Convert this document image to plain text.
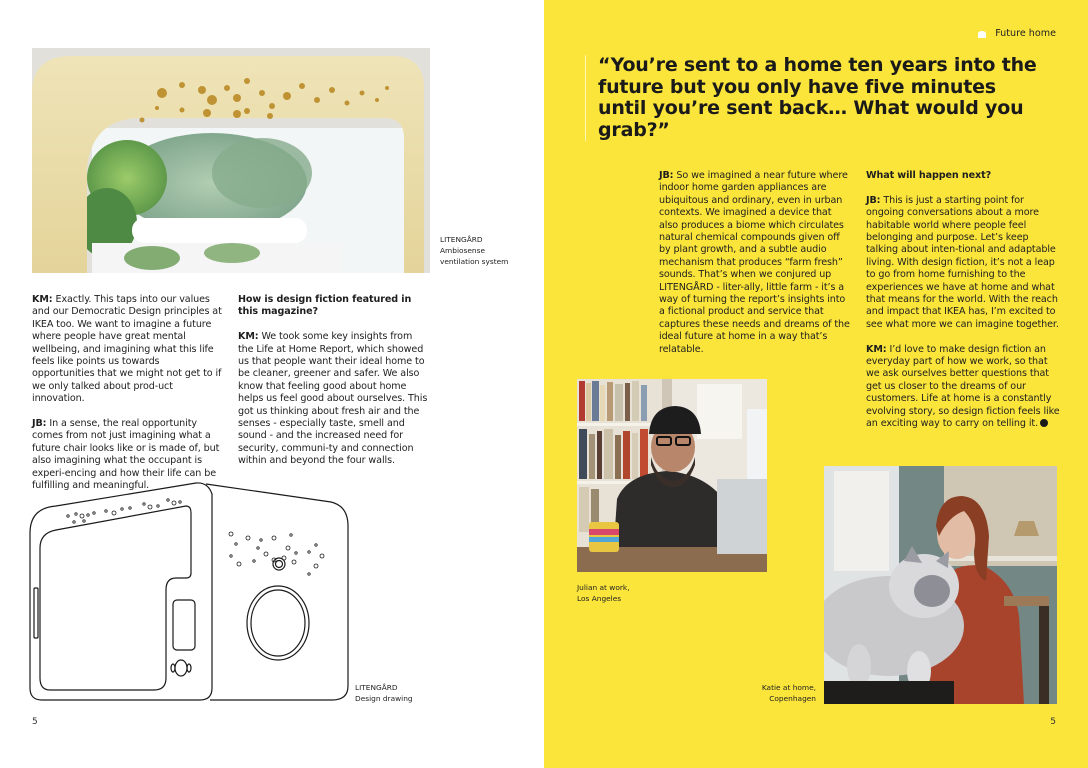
LITENGÅRD
Ambiosense
ventilation system

KM: Exactly. This taps into our values and our Democratic Design principles at IKEA too. We want to imagine a future where people have great mental wellbeing, and imagining what this life feels like points us towards opportunities that we might not get to if we only talked about prod-uct innovation.

JB: In a sense, the real opportunity comes from not just imagining what a future chair looks like or is made of, but also imagining what the occupant is experi-encing and how their life can be fulfilling and meaningful.

How is design fiction featured in this magazine?

KM: We took some key insights from the Life at Home Report, which showed us that people want their ideal home to be cleaner, greener and safer. We also know that feeling good about home helps us feel good about ourselves. This got us thinking about fresh air and the senses - especially taste, smell and sound - and the increased need for security, communi-ty and connection within and beyond the four walls.

LITENGÅRD
Design drawing
5
Future home
“You’re sent to a home ten years into the future but you only have five minutes until you’re sent back… What would you grab?”

JB: So we imagined a near future where indoor home garden appliances are ubiquitous and ordinary, even in urban contexts. We imagined a device that also produces a biome which circulates natural chemical compounds given off by plant growth, and a subtle audio mechanism that produces “farm fresh” sounds. That’s when we conjured up LITENGÅRD - liter-ally, little farm - it’s a way of turning the report’s insights into a fictional product and service that captures these needs and dreams of the ideal future at home in a way that’s relatable.

What will happen next?

JB: This is just a starting point for ongoing conversations about a more habitable world where people feel belonging and purpose. Let’s keep talking about inten-tional and adaptable living. With design fiction, it’s not a leap to go from home furnishing to the experiences we have at home and what that means for the world. With the reach and impact that IKEA has, I’m excited to see what more we can imagine together.

KM: I’d love to make design fiction an everyday part of how we work, so that we ask ourselves better questions that get us closer to the dreams of our customers. Life at home is a constantly evolving story, so design fiction feels like an exciting way to carry on telling it.

Julian at work,
Los Angeles
Katie at home,
Copenhagen
5
